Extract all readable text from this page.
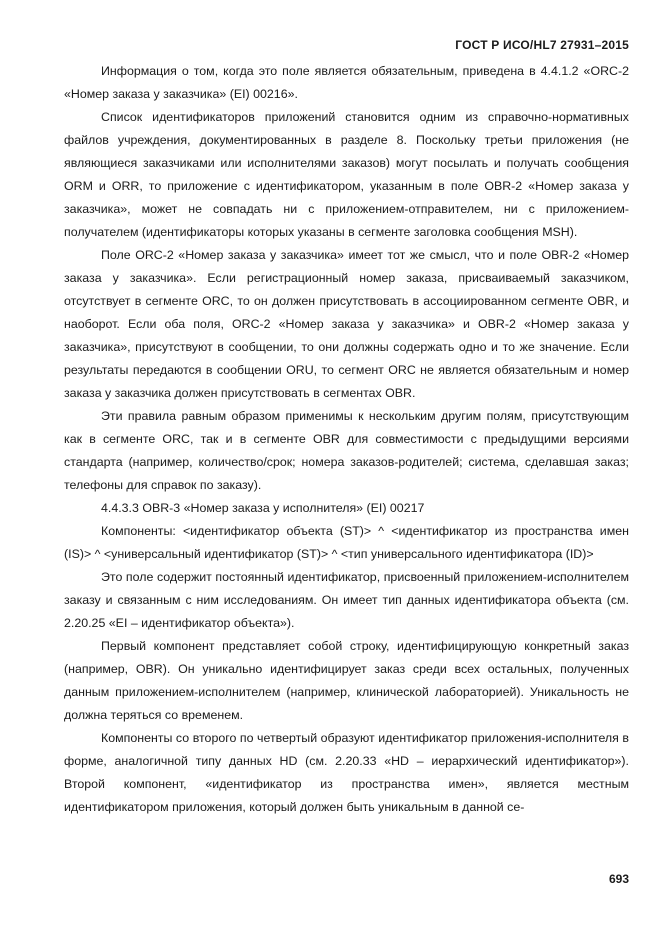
ГОСТ Р ИСО/HL7 27931–2015

Информация о том, когда это поле является обязательным, приведена в 4.4.1.2 «ORC-2 «Номер заказа у заказчика» (EI) 00216».

Список идентификаторов приложений становится одним из справочно-нормативных файлов учреждения, документированных в разделе 8. Поскольку третьи приложения (не являющиеся заказчиками или исполнителями заказов) могут посылать и получать сообщения ORM и ORR, то приложение с идентификатором, указанным в поле OBR-2 «Номер заказа у заказчика», может не совпадать ни с приложением-отправителем, ни с приложением-получателем (идентификаторы которых указаны в сегменте заголовка сообщения MSH).

Поле ORC-2 «Номер заказа у заказчика» имеет тот же смысл, что и поле OBR-2 «Номер заказа у заказчика». Если регистрационный номер заказа, присваиваемый заказчиком, отсутствует в сегменте ORC, то он должен присутствовать в ассоциированном сегменте OBR, и наоборот. Если оба поля, ORC-2 «Номер заказа у заказчика» и OBR-2 «Номер заказа у заказчика», присутствуют в сообщении, то они должны содержать одно и то же значение. Если результаты передаются в сообщении ORU, то сегмент ORC не является обязательным и номер заказа у заказчика должен присутствовать в сегментах OBR.

Эти правила равным образом применимы к нескольким другим полям, присутствующим как в сегменте ORC, так и в сегменте OBR для совместимости с предыдущими версиями стандарта (например, количество/срок; номера заказов-родителей; система, сделавшая заказ; телефоны для справок по заказу).

4.4.3.3 OBR-3 «Номер заказа у исполнителя» (EI) 00217

Компоненты: <идентификатор объекта (ST)> ^ <идентификатор из пространства имен (IS)> ^ <универсальный идентификатор (ST)> ^ <тип универсального идентификатора (ID)>

Это поле содержит постоянный идентификатор, присвоенный приложением-исполнителем заказу и связанным с ним исследованиям. Он имеет тип данных идентификатора объекта (см. 2.20.25 «EI – идентификатор объекта»).

Первый компонент представляет собой строку, идентифицирующую конкретный заказ (например, OBR). Он уникально идентифицирует заказ среди всех остальных, полученных данным приложением-исполнителем (например, клинической лабораторией). Уникальность не должна теряться со временем.

Компоненты со второго по четвертый образуют идентификатор приложения-исполнителя в форме, аналогичной типу данных HD (см. 2.20.33 «HD – иерархический идентификатор»). Второй компонент, «идентификатор из пространства имен», является местным идентификатором приложения, который должен быть уникальным в данной се-

693
